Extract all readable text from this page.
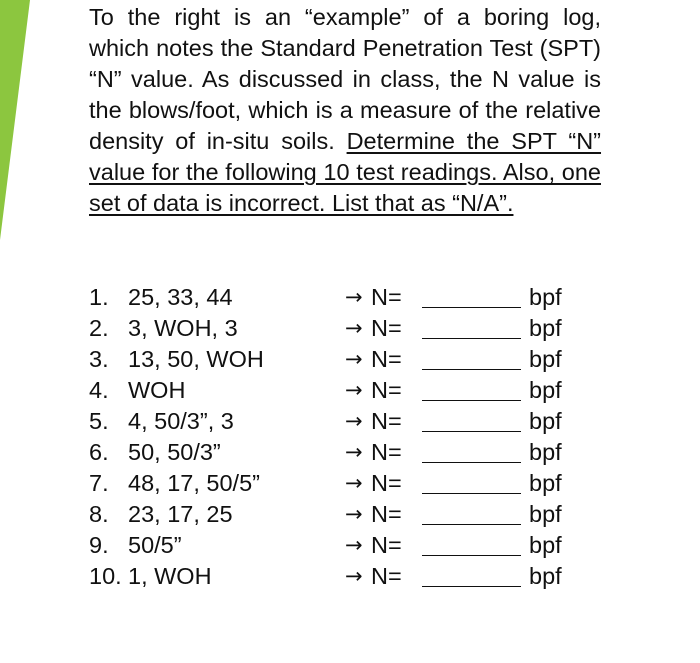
To the right is an “example” of a boring log, which notes the Standard Penetration Test (SPT) “N” value. As discussed in class, the N value is the blows/foot, which is a measure of the relative density of in-situ soils. Determine the SPT “N” value for the following 10 test readings. Also, one set of data is incorrect. List that as “N/A”.

1. 25, 33, 44	→ N=	bpf
2. 3, WOH, 3	→ N=	bpf
3. 13, 50, WOH	→ N=	bpf
4. WOH	→ N=	bpf
5. 4, 50/3”, 3	→ N=	bpf
6. 50, 50/3”	→ N=	bpf
7. 48, 17, 50/5”	→ N=	bpf
8. 23, 17, 25	→ N=	bpf
9. 50/5”	→ N=	bpf
10. 1, WOH	→ N=	bpf
